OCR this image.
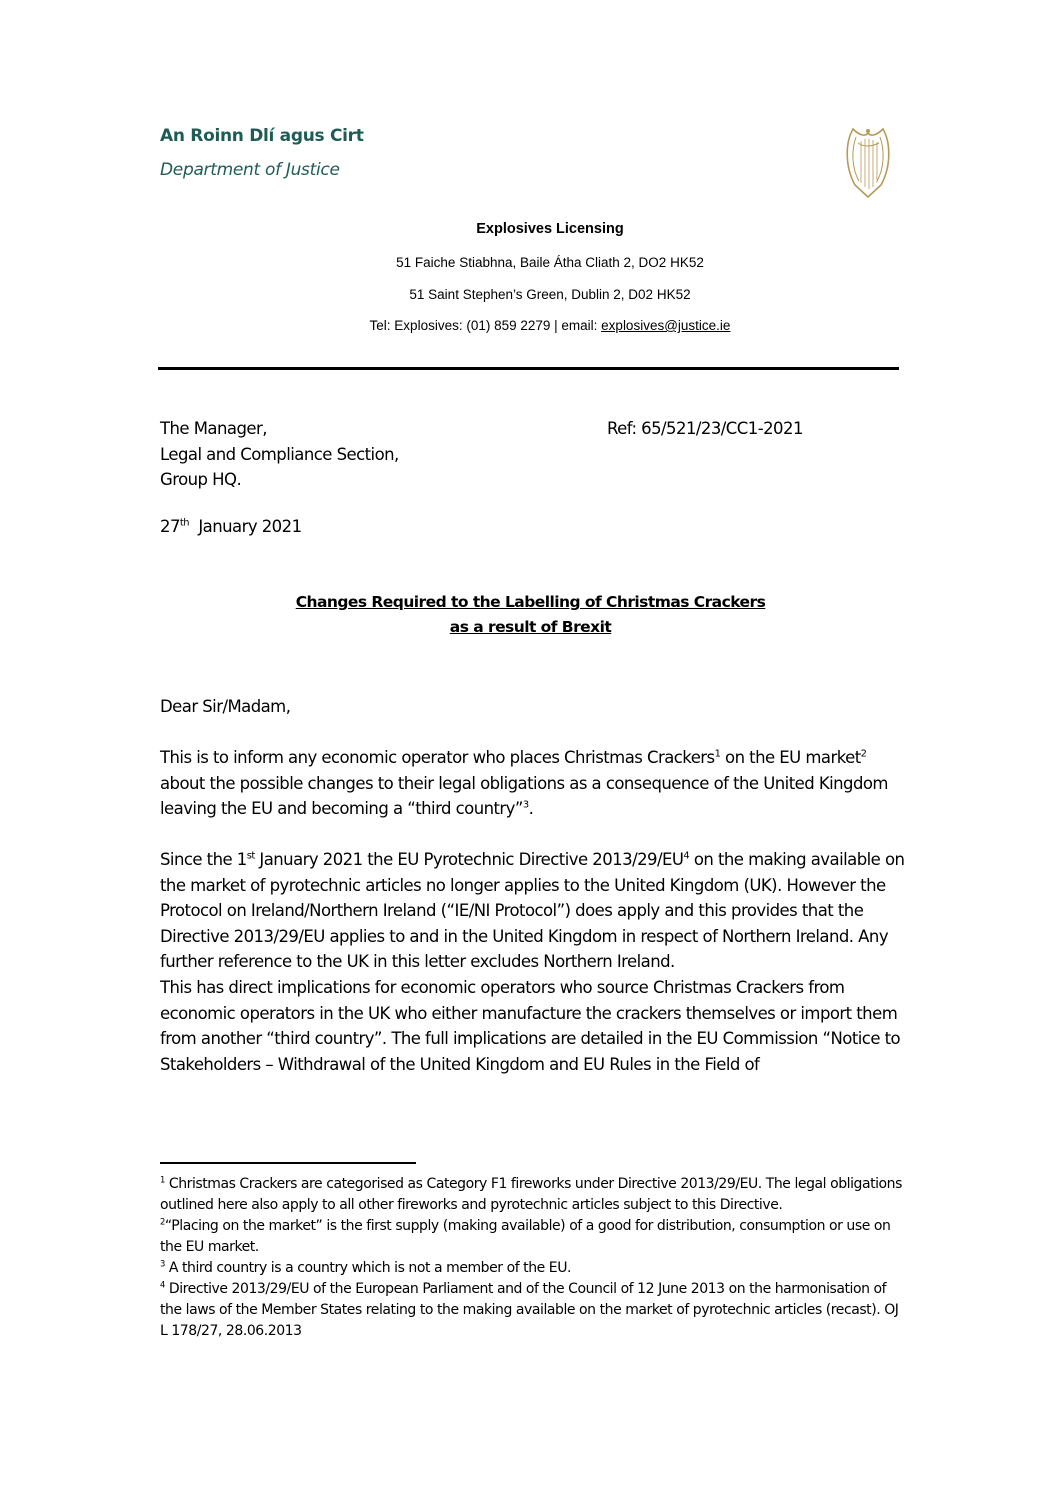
An Roinn Dlí agus Cirt
Department of Justice
Explosives Licensing
51 Faiche Stiabhna, Baile Átha Cliath 2, DO2 HK52
51 Saint Stephen’s Green, Dublin 2, D02 HK52
Tel: Explosives: (01) 859 2279 | email: explosives@justice.ie
The Manager,
Legal and Compliance Section,
Group HQ.
Ref: 65/521/23/CC1-2021
27th  January 2021
Changes Required to the Labelling of Christmas Crackers
as a result of Brexit
Dear Sir/Madam,
This is to inform any economic operator who places Christmas Crackers$^1$ on the EU market$^2$ about the possible changes to their legal obligations as a consequence of the United Kingdom leaving the EU and becoming a “third country”$^3$.
Since the 1st January 2021 the EU Pyrotechnic Directive $2013/29/EU^4$ on the making available on the market of pyrotechnic articles no longer applies to the United Kingdom (UK). However the Protocol on Ireland/Northern Ireland (“IE/NI Protocol”) does apply and this provides that the Directive 2013/29/EU applies to and in the United Kingdom in respect of Northern Ireland. Any further reference to the UK in this letter excludes Northern Ireland.
This has direct implications for economic operators who source Christmas Crackers from economic operators in the UK who either manufacture the crackers themselves or import them from another “third country”. The full implications are detailed in the EU Commission “Notice to Stakeholders – Withdrawal of the United Kingdom and EU Rules in the Field of

$^1$ Christmas Crackers are categorised as Category F1 fireworks under Directive 2013/29/EU. The legal obligations outlined here also apply to all other fireworks and pyrotechnic articles subject to this Directive.

$^2$“Placing on the market” is the first supply (making available) of a good for distribution, consumption or use on the EU market.

$^3$ A third country is a country which is not a member of the EU.

$^4$ Directive 2013/29/EU of the European Parliament and of the Council of 12 June 2013 on the harmonisation of the laws of the Member States relating to the making available on the market of pyrotechnic articles (recast). OJ L 178/27, 28.06.2013
